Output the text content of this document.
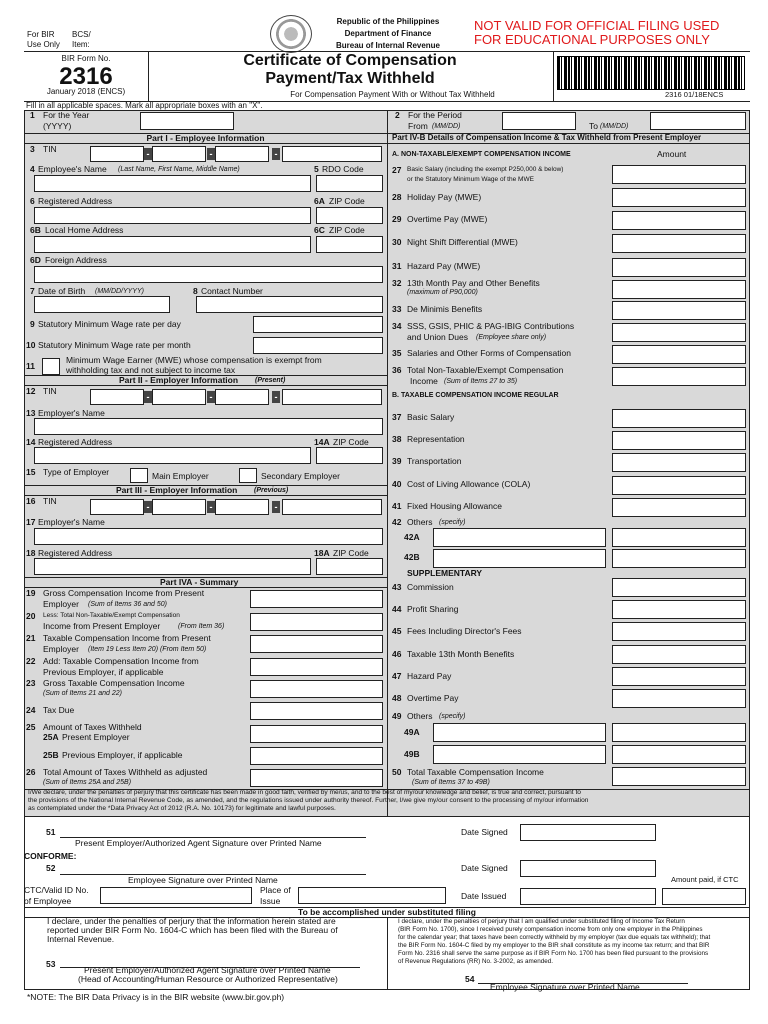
For BIR
Use Only
BCS/
Item:
Republic of the Philippines
Department of Finance
Bureau of Internal Revenue
NOT VALID FOR OFFICIAL FILING USED
FOR EDUCATIONAL PURPOSES ONLY
BIR Form No.
2316
January 2018 (ENCS)
Certificate of Compensation
Payment/Tax Withheld
For Compensation Payment With or Without Tax Withheld	2316 01/18ENCS
Fill in all applicable spaces. Mark all appropriate boxes with an "X".
1 For the Year
(YYYY)
Part I - Employee Information
3 TIN	-	-	-
4 Employee's Name (Last Name, First Name, Middle Name)	5 RDO Code
6 Registered Address	6A ZIP Code
6B Local Home Address	6C ZIP Code
6D Foreign Address
7 Date of Birth (MM/DD/YYYY)	8 Contact Number
9 Statutory Minimum Wage rate per day
10 Statutory Minimum Wage rate per month
11
Minimum Wage Earner (MWE) whose compensation is exempt from
withholding tax and not subject to income tax
Part II - Employer Information (Present)
12 TIN
-	-	-
13 Employer's Name
14 Registered Address	14A ZIP Code
15 Type of Employer	Main Employer	Secondary Employer
Part III - Employer Information (Previous)
16 TIN
-	-	-
17 Employer's Name
18 Registered Address	18A ZIP Code
Part IVA - Summary
19 Gross Compensation Income from Present
Employer (Sum of Items 36 and 50)
20 Less: Total Non-Taxable/Exempt Compensation
Income from Present Employer	(From Item 36)
21 Taxable Compensation Income from Present
Employer (Item 19 Less Item 20) (From Item 50)
22 Add: Taxable Compensation Income from
Previous Employer, if applicable
23 Gross Taxable Compensation Income
(Sum of Items 21 and 22)
24 Tax Due
25 Amount of Taxes Withheld
25A Present Employer
25B Previous Employer, if applicable
26 Total Amount of Taxes Withheld as adjusted
(Sum of Items 25A and 25B)
2 For the Period
From (MM/DD)	To (MM/DD)
Part IV-B Details of Compensation Income & Tax Withheld from Present Employer
A. NON-TAXABLE/EXEMPT COMPENSATION INCOME	Amount
27 Basic Salary (including the exempt P250,000 & below)
or the Statutory Minimum Wage of the MWE
28 Holiday Pay (MWE)
29 Overtime Pay (MWE)
30 Night Shift Differential (MWE)
31 Hazard Pay (MWE)
32 13th Month Pay and Other Benefits
(maximum of P90,000)
33 De Minimis Benefits
34 SSS, GSIS, PHIC & PAG-IBIG Contributions
and Union Dues (Employee share only)
35 Salaries and Other Forms of Compensation
36 Total Non-Taxable/Exempt Compensation
Income (Sum of Items 27 to 35)
B. TAXABLE COMPENSATION INCOME REGULAR
37 Basic Salary
38 Representation
39 Transportation
40 Cost of Living Allowance (COLA)
41 Fixed Housing Allowance
42 Others (specify)
42A
42B
SUPPLEMENTARY
43 Commission
44 Profit Sharing
45 Fees Including Director's Fees
46 Taxable 13th Month Benefits
47 Hazard Pay
48 Overtime Pay
49 Others (specify)
49A
49B
50 Total Taxable Compensation Income
(Sum of Items 37 to 49B)
I/We declare, under the penalties of perjury that this certificate has been made in good faith, verified by me/us, and to the best of my/our knowledge and belief, is true and correct, pursuant to
the provisions of the National Internal Revenue Code, as amended, and the regulations issued under authority thereof. Further, I/we give my/our consent to the processing of my/our information
as contemplated under the *Data Privacy Act of 2012 (R.A. No. 10173) for legitimate and lawful purposes.
51
Present Employer/Authorized Agent Signature over Printed Name
Date Signed
CONFORME:
52
Employee Signature over Printed Name
Date Signed
Amount paid, if CTC
CTC/Valid ID No.
of Employee
Place of
Issue	Date Issued
To be accomplished under substituted filing
I declare, under the penalties of perjury that the information herein stated are
reported under BIR Form No. 1604-C which has been filed with the Bureau of
Internal Revenue.
53
Present Employer/Authorized Agent Signature over Printed Name
(Head of Accounting/Human Resource or Authorized Representative)
I declare, under the penalties of perjury that I am qualified under substituted filing of Income Tax Return
(BIR Form No. 1700), since I received purely compensation income from only one employer in the Philippines
for the calendar year; that taxes have been correctly withheld by my employer (tax due equals tax withheld); that
the BIR Form No. 1604-C filed by my employer to the BIR shall constitute as my income tax return; and that BIR
Form No. 2316 shall serve the same purpose as if BIR Form No. 1700 has been filed pursuant to the provisions
of Revenue Regulations (RR) No. 3-2002, as amended.
54
Employee Signature over Printed Name
*NOTE: The BIR Data Privacy is in the BIR website (www.bir.gov.ph)
